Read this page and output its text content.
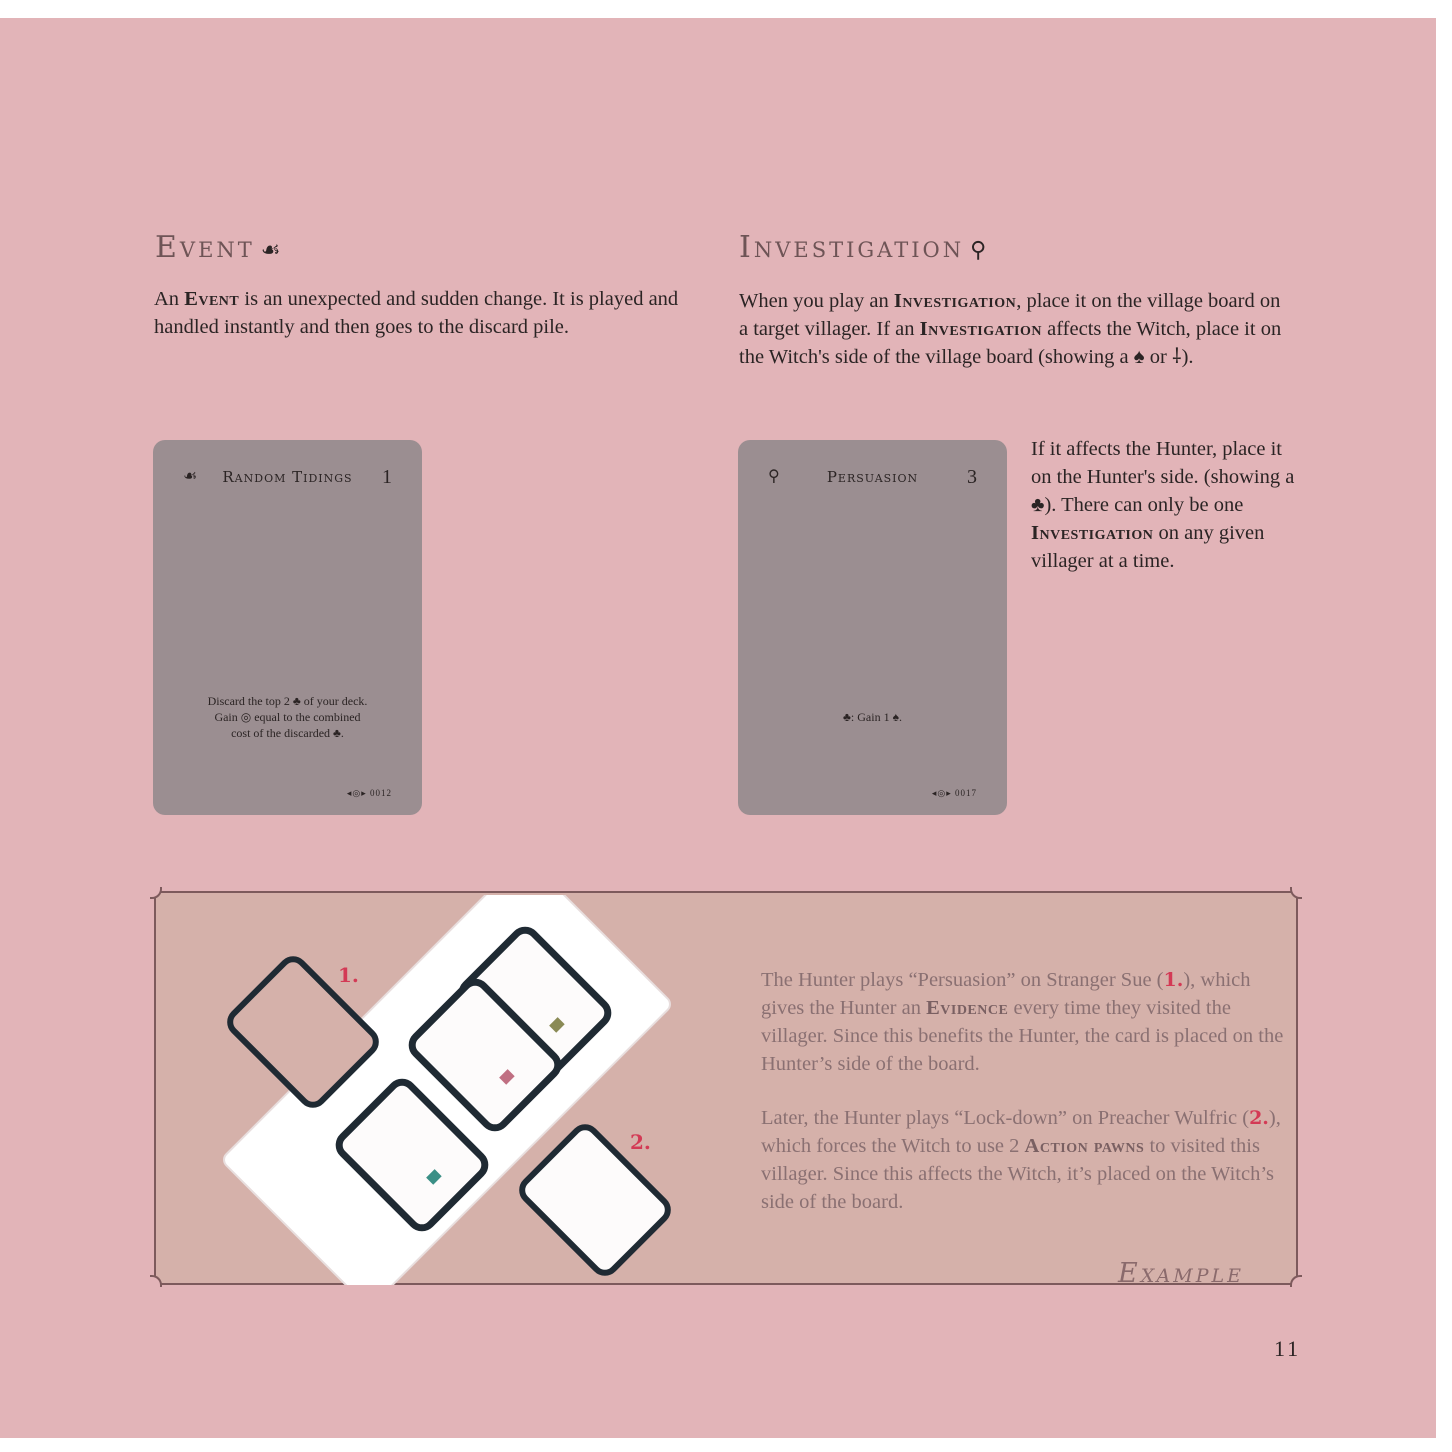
Event ☙
An Event is an unexpected and sudden change. It is played and handled instantly and then goes to the discard pile.
☙	Random Tidings	1
Discard the top 2 ♣ of your deck.
Gain ◎ equal to the combined
cost of the discarded ♣.
◂◎▸ 0012
Investigation ⚲
When you play an Investigation, place it on the village board on a target villager. If an Investigation affects the Witch, place it on the Witch's side of the village board (showing a ♠ or ⸸).
⚲	Persuasion	3
♣: Gain 1 ♠.
◂◎▸ 0017
If it affects the Hunter, place it on the Hunter's side. (showing a ♣). There can only be one Investigation on any given villager at a time.
1.
2.
The Hunter plays “Persuasion” on Stranger Sue (1.), which gives the Hunter an Evidence every time they visited the villager. Since this benefits the Hunter, the card is placed on the Hunter’s side of the board.
Later, the Hunter plays “Lock-down” on Preacher Wulfric (2.), which forces the Witch to use 2 Action pawns to visited this villager. Since this affects the Witch, it’s placed on the Witch’s side of the board.
Example
11
